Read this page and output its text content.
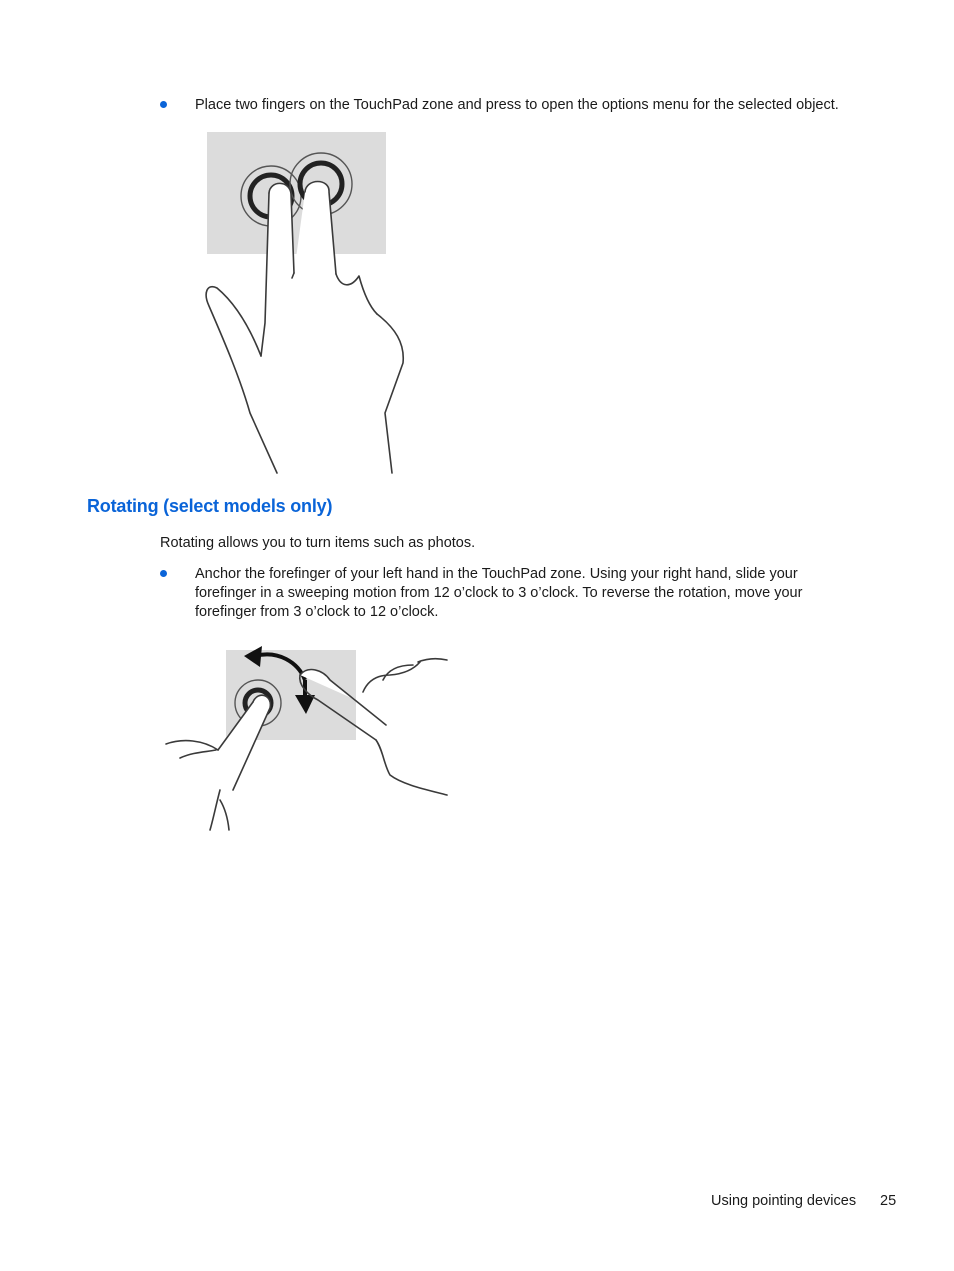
Place two fingers on the TouchPad zone and press to open the options menu for the selected object.
Rotating (select models only)
Rotating allows you to turn items such as photos.
Anchor the forefinger of your left hand in the TouchPad zone. Using your right hand, slide your forefinger in a sweeping motion from 12 o’clock to 3 o’clock. To reverse the rotation, move your forefinger from 3 o’clock to 12 o’clock.
Using pointing devices 25
